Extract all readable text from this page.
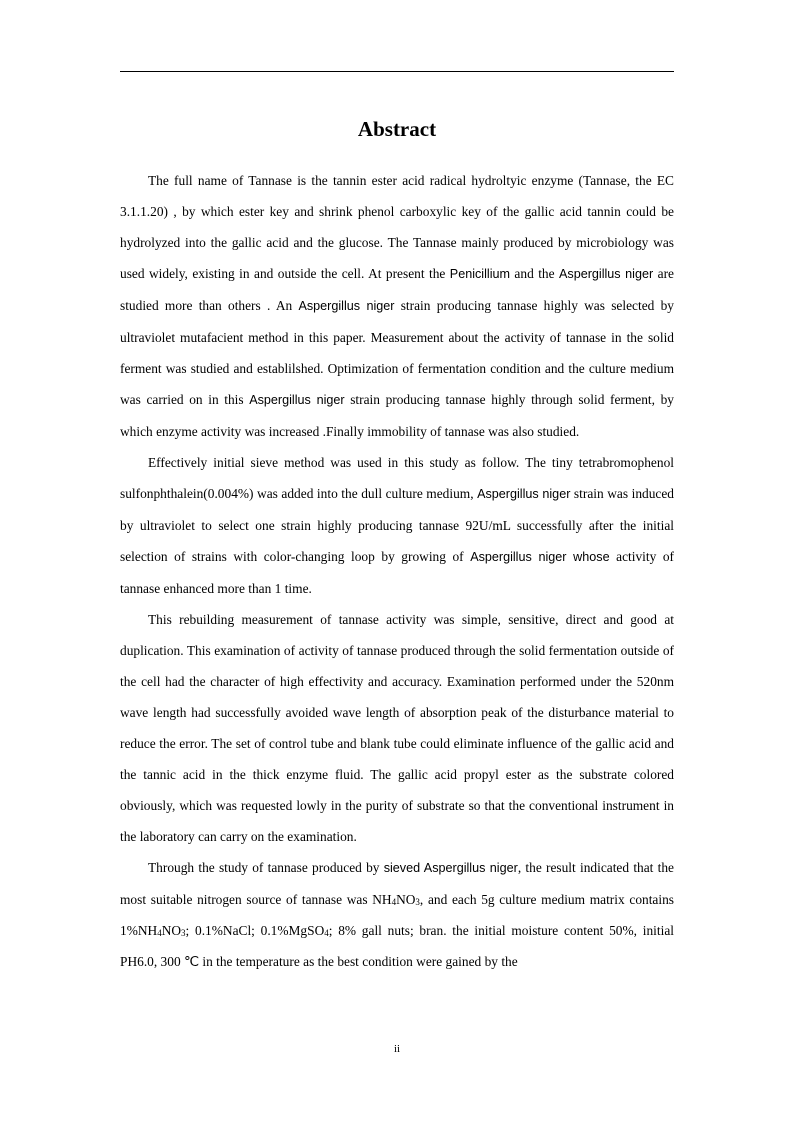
Abstract

The full name of Tannase is the tannin ester acid radical hydroltyic enzyme (Tannase, the EC 3.1.1.20) , by which ester key and shrink phenol carboxylic key of the gallic acid tannin could be hydrolyzed into the gallic acid and the glucose. The Tannase mainly produced by microbiology was used widely, existing in and outside the cell. At present the Penicillium and the Aspergillus niger are studied more than others . An Aspergillus niger strain producing tannase highly was selected by ultraviolet mutafacient method in this paper. Measurement about the activity of tannase in the solid ferment was studied and establilshed. Optimization of fermentation condition and the culture medium was carried on in this Aspergillus niger strain producing tannase highly through solid ferment, by which enzyme activity was increased .Finally immobility of tannase was also studied.

Effectively initial sieve method was used in this study as follow. The tiny tetrabromophenol sulfonphthalein(0.004%) was added into the dull culture medium, Aspergillus niger strain was induced by ultraviolet to select one strain highly producing tannase 92U/mL successfully after the initial selection of strains with color-changing loop by growing of Aspergillus niger whose activity of tannase enhanced more than 1 time.

This rebuilding measurement of tannase activity was simple, sensitive, direct and good at duplication. This examination of activity of tannase produced through the solid fermentation outside of the cell had the character of high effectivity and accuracy. Examination performed under the 520nm wave length had successfully avoided wave length of absorption peak of the disturbance material to reduce the error. The set of control tube and blank tube could eliminate influence of the gallic acid and the tannic acid in the thick enzyme fluid. The gallic acid propyl ester as the substrate colored obviously, which was requested lowly in the purity of substrate so that the conventional instrument in the laboratory can carry on the examination.

Through the study of tannase produced by sieved Aspergillus niger, the result indicated that the most suitable nitrogen source of tannase was $NH_4NO_3$, and each 5g culture medium matrix contains $1\%NH_4NO_3$; 0.1%NaCl; 0.1%MgSO$_4$; 8% gall nuts; bran. the initial moisture content 50%, initial PH6.0, 300 ℃ in the temperature as the best condition were gained by the

ii
